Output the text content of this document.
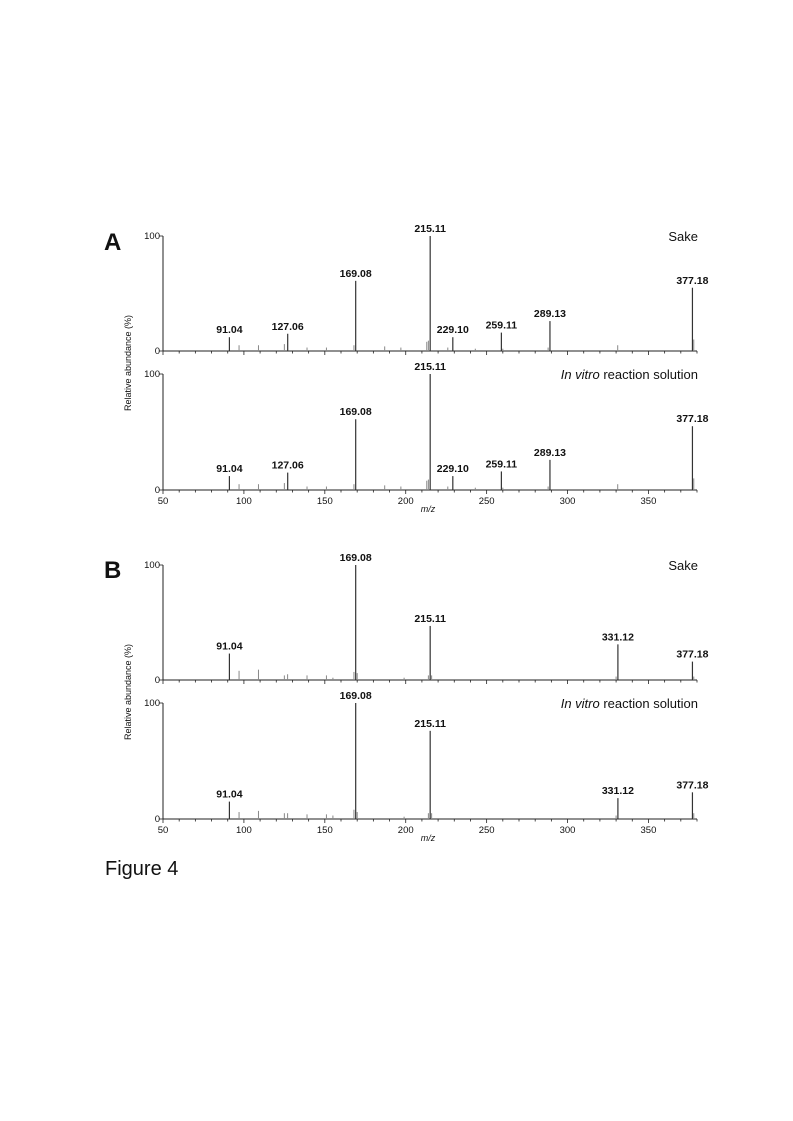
A
Relative abundance (%)
100
0
Sake
91.04	127.06
169.08
215.11
229.10 259.11
289.13
377.18
100
0
In vitro reaction solution
91.04	127.06
169.08
215.11
229.10 259.11
289.13
377.18
50	100	150	200	250	300	350
m/z
B
Relative abundance (%)
100
0
Sake
91.04
169.08
215.11
331.12
377.18
100
0
In vitro reaction solution
91.04
169.08
215.11
331.12	377.18
50	100	150	200	250	300	350
m/z
Figure 4
